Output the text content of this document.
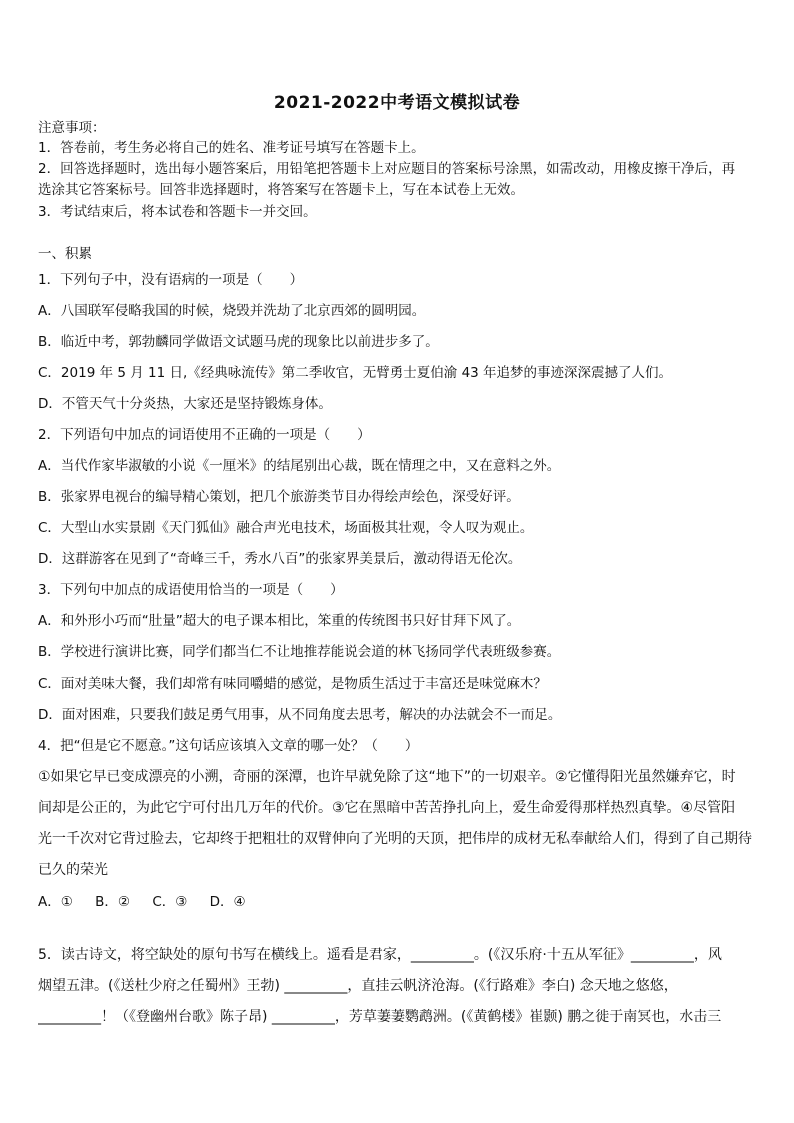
2021-2022中考语文模拟试卷
注意事项：
1．答卷前，考生务必将自己的姓名、准考证号填写在答题卡上。
2．回答选择题时，选出每小题答案后，用铅笔把答题卡上对应题目的答案标号涂黑，如需改动，用橡皮擦干净后，再
选涂其它答案标号。回答非选择题时，将答案写在答题卡上，写在本试卷上无效。
3．考试结束后，将本试卷和答题卡一并交回。
一、积累
1．下列句子中，没有语病的一项是（　　）
A．八国联军侵略我国的时候，烧毁并洗劫了北京西郊的圆明园。
B．临近中考，郭勃麟同学做语文试题马虎的现象比以前进步多了。
C．2019 年 5 月 11 日,《经典咏流传》第二季收官，无臂勇士夏伯渝 43 年追梦的事迹深深震撼了人们。
D．不管天气十分炎热，大家还是坚持锻炼身体。
2．下列语句中加点的词语使用不正确的一项是（　　）
A．当代作家毕淑敏的小说《一厘米》的结尾别出心裁，既在情理之中，又在意料之外。
B．张家界电视台的编导精心策划，把几个旅游类节目办得绘声绘色，深受好评。
C．大型山水实景剧《天门狐仙》融合声光电技术，场面极其壮观，令人叹为观止。
D．这群游客在见到了“奇峰三千，秀水八百”的张家界美景后，激动得语无伦次。
3．下列句中加点的成语使用恰当的一项是（　　）
A．和外形小巧而“肚量”超大的电子课本相比，笨重的传统图书只好甘拜下风了。
B．学校进行演讲比赛，同学们都当仁不让地推荐能说会道的林飞扬同学代表班级参赛。
C．面对美味大餐，我们却常有味同嚼蜡的感觉，是物质生活过于丰富还是味觉麻木？
D．面对困难，只要我们鼓足勇气用事，从不同角度去思考，解决的办法就会不一而足。
4．把“但是它不愿意。”这句话应该填入文章的哪一处？（　　）
①如果它早已变成漂亮的小溯，奇丽的深潭，也许早就免除了这“地下”的一切艰辛。②它懂得阳光虽然嫌弃它，时
间却是公正的，为此它宁可付出几万年的代价。③它在黑暗中苦苦挣扎向上，爱生命爱得那样热烈真挚。④尽管阳
光一千次对它背过脸去，它却终于把粗壮的双臂伸向了光明的天顶，把伟岸的成材无私奉献给人们，得到了自己期待
已久的荣光
A．① B．② C．③ D．④
5．读古诗文，将空缺处的原句书写在横线上。遥看是君家，_________。(《汉乐府·十五从军征》_________，风
烟望五津。(《送杜少府之任蜀州》王勃) _________，直挂云帆济沧海。(《行路难》李白) 念天地之悠悠，
_________！（《登幽州台歌》陈子昂) _________，芳草萋萋鹦鹉洲。(《黄鹤楼》崔颢) 鹏之徙于南冥也，水击三
